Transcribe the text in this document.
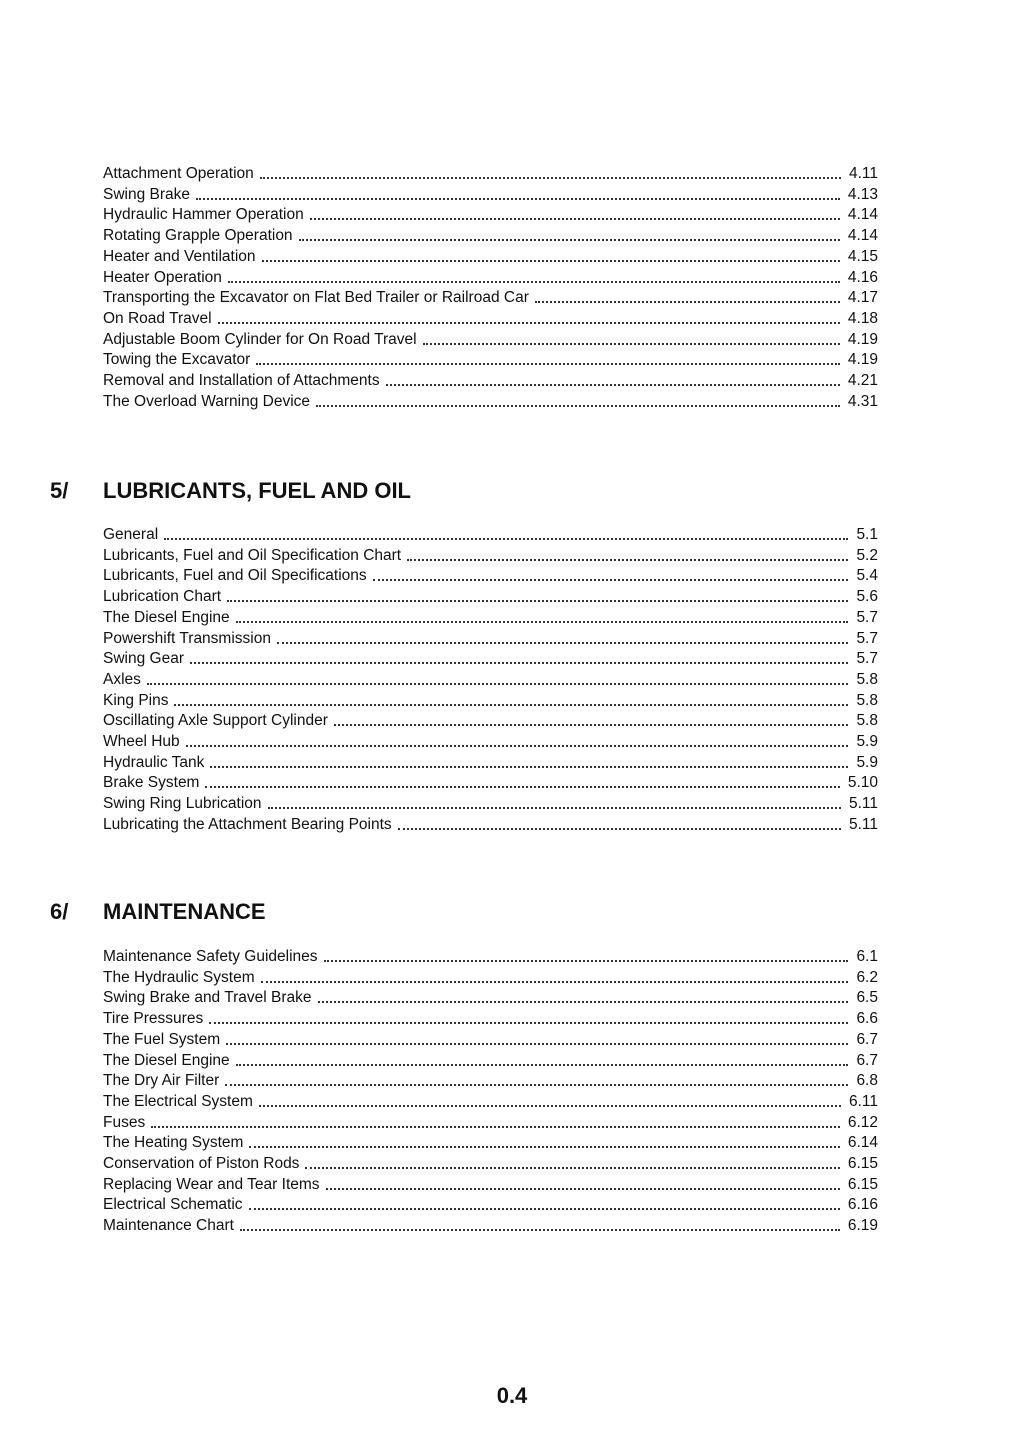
Attachment Operation	4.11
Swing Brake	4.13
Hydraulic Hammer Operation	4.14
Rotating Grapple Operation	4.14
Heater and Ventilation	4.15
Heater Operation	4.16
Transporting the Excavator on Flat Bed Trailer or Railroad Car	4.17
On Road Travel	4.18
Adjustable Boom Cylinder for On Road Travel	4.19
Towing the Excavator	4.19
Removal and Installation of Attachments	4.21
The Overload Warning Device	4.31
5/ LUBRICANTS, FUEL AND OIL
General	5.1
Lubricants, Fuel and Oil Specification Chart	5.2
Lubricants, Fuel and Oil Specifications	5.4
Lubrication Chart	5.6
The Diesel Engine	5.7
Powershift Transmission	5.7
Swing Gear	5.7
Axles	5.8
King Pins	5.8
Oscillating Axle Support Cylinder	5.8
Wheel Hub	5.9
Hydraulic Tank	5.9
Brake System	5.10
Swing Ring Lubrication	5.11
Lubricating the Attachment Bearing Points	5.11
6/ MAINTENANCE
Maintenance Safety Guidelines	6.1
The Hydraulic System	6.2
Swing Brake and Travel Brake	6.5
Tire Pressures	6.6
The Fuel System	6.7
The Diesel Engine	6.7
The Dry Air Filter	6.8
The Electrical System	6.11
Fuses	6.12
The Heating System	6.14
Conservation of Piston Rods	6.15
Replacing Wear and Tear Items	6.15
Electrical Schematic	6.16
Maintenance Chart	6.19
0.4
